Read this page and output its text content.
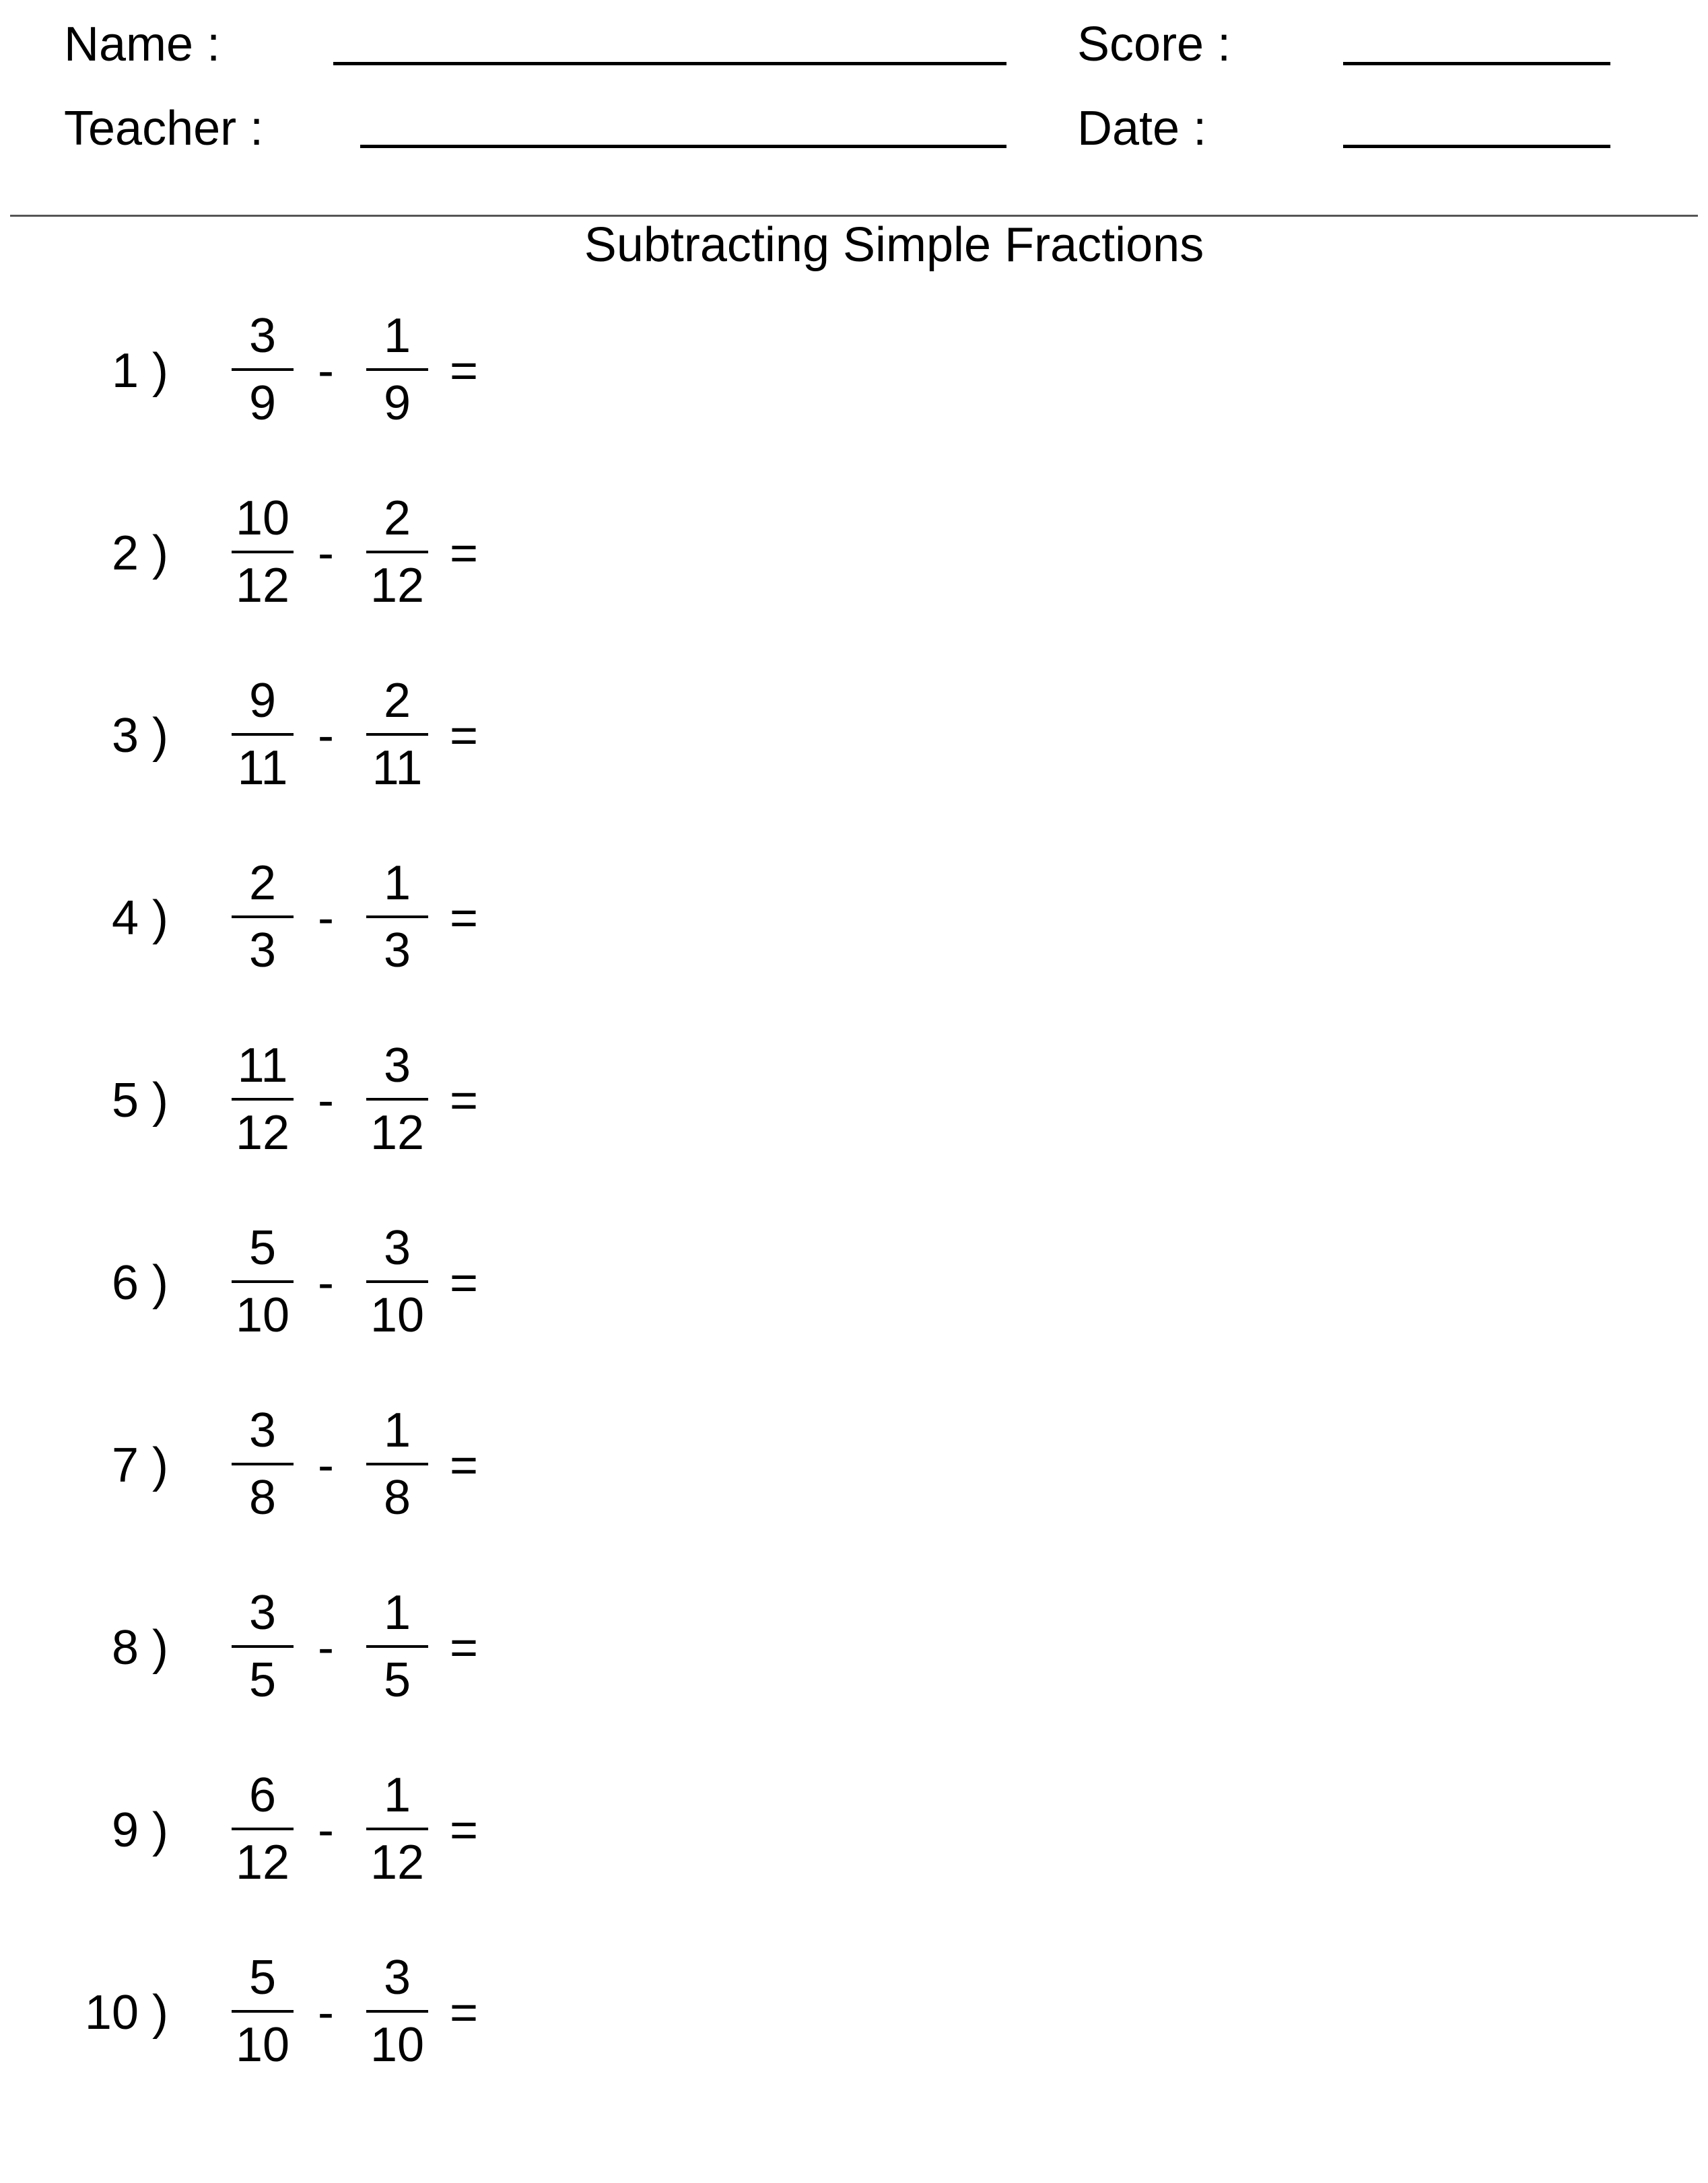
Name :	Score :
Teacher :	Date :
Subtracting Simple Fractions
1 )
3
9
-
1
9
=
2 )
10
12
-
2
12
=
3 )
9
11
-
2
11
=
4 )
2
3
-
1
3
=
5 )
11
12
-
3
12
=
6 )
5
10
-
3
10
=
7 )
3
8
-
1
8
=
8 )
3
5
-
1
5
=
9 )
6
12
-
1
12
=
10 )
5
10
-
3
10
=
